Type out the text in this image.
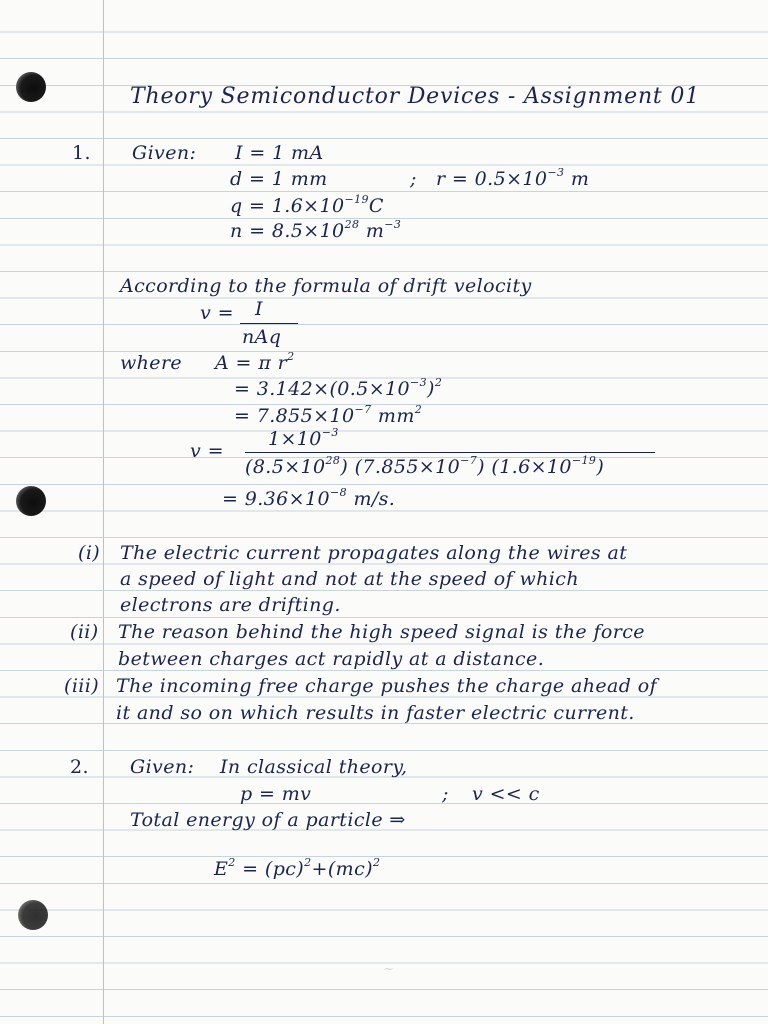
Theory Semiconductor Devices - Assignment 01
1. Given: I = 1 mA
d = 1 mm	; $r = 0.5\times 10^{-3}$ m
$q = 1.6\times 10^{-19}C$
$n = 8.5\times 10^{28}$ $m^{-3}$
According to the formula of drift velocity
v = I
nAq
where A = π $r^2$
= $3.142\times(0.5\times 10^{-3})^2$
= $7.855\times 10^{-7}$ $mm^2$
v =
$1\times 10^{-3}$
$(8.5\times 10^{28})$ $(7.855\times 10^{-7})$ $(1.6\times 10^{-19})$
= $9.36\times 10^{-8}$ m/s.
(i) The electric current propagates along the wires at
a speed of light and not at the speed of which
electrons are drifting.
(ii) The reason behind the high speed signal is the force
between charges act rapidly at a distance.
(iii) The incoming free charge pushes the charge ahead of
it and so on which results in faster electric current.
2. Given: In classical theory,
p = mv	; v << c
Total energy of a particle ⇒
$E^2 = (pc)^2+(mc)^2$
~
